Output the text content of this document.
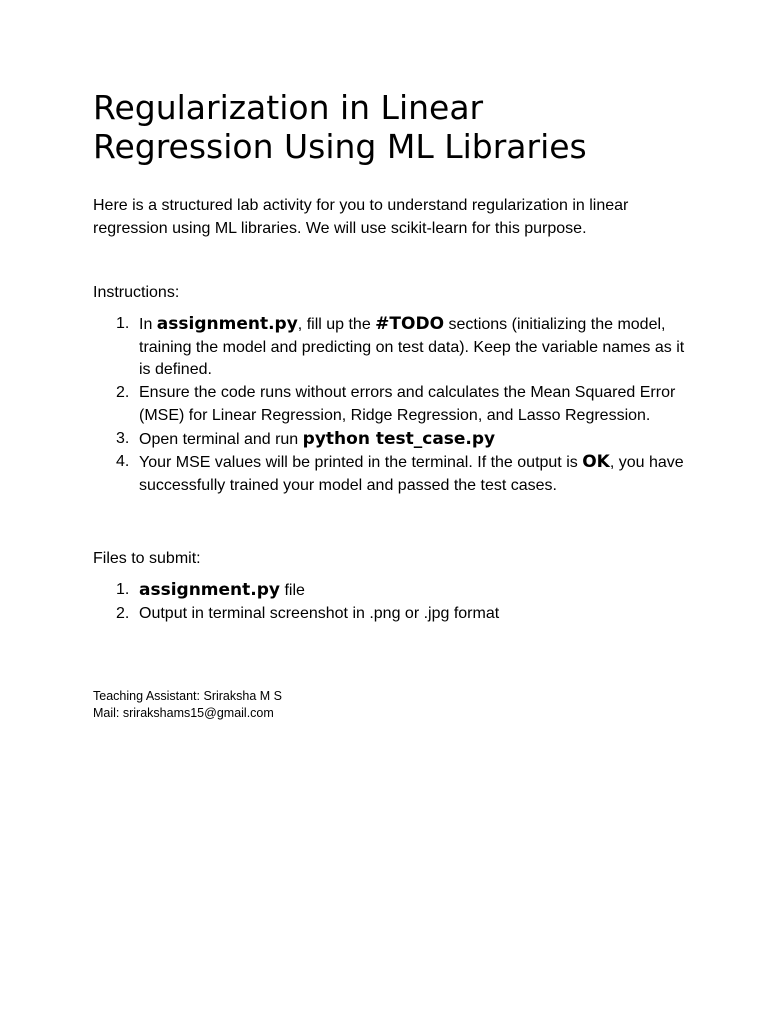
Regularization in Linear
Regression Using ML Libraries

Here is a structured lab activity for you to understand regularization in linear
regression using ML libraries. We will use scikit-learn for this purpose.

Instructions:

1. In assignment.py, fill up the #TODO sections (initializing the model, training the model and predicting on test data). Keep the variable names as it is defined.
2. Ensure the code runs without errors and calculates the Mean Squared Error (MSE) for Linear Regression, Ridge Regression, and Lasso Regression.
3. Open terminal and run python test_case.py
4. Your MSE values will be printed in the terminal. If the output is OK, you have successfully trained your model and passed the test cases.

Files to submit:

1. assignment.py file
2. Output in terminal screenshot in .png or .jpg format
Teaching Assistant: Sriraksha M S
Mail: srirakshams15@gmail.com
